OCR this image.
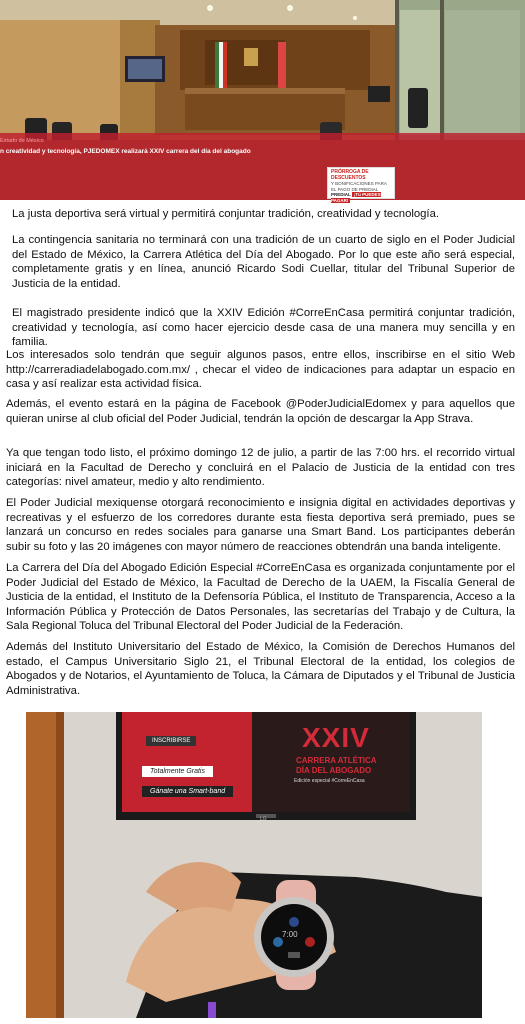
Estado de México
n creatividad y tecnología, PJEDOMEX realizará XXIV carrera del día del abogado
PRÓRROGA DE DESCUENTOS
Y BONIFICACIONES PARA EL PAGO DE PREDIAL
PREDIAL ¡Tú PUEDES PAGAR!
La justa deportiva será virtual y permitirá conjuntar tradición, creatividad y tecnología.
La contingencia sanitaria no terminará con una tradición de un cuarto de siglo en el Poder Judicial del Estado de México, la Carrera Atlética del Día del Abogado. Por lo que este año será especial, completamente gratis y en línea, anunció Ricardo Sodi Cuellar, titular del Tribunal Superior de Justicia de la entidad.
El magistrado presidente indicó que la XXIV Edición #CorreEnCasa permitirá conjuntar tradición, creatividad y tecnología, así como hacer ejercicio desde casa de una manera muy sencilla y en familia.
Los interesados solo tendrán que seguir algunos pasos, entre ellos, inscribirse en el sitio Web http://carreradiadelabogado.com.mx/ , checar el video de indicaciones para adaptar un espacio en casa y así realizar esta actividad física.
Además, el evento estará en la página de Facebook @PoderJudicialEdomex y para aquellos que quieran unirse al club oficial del Poder Judicial, tendrán la opción de descargar la App Strava.
Ya que tengan todo listo, el próximo domingo 12 de julio, a partir de las 7:00 hrs. el recorrido virtual iniciará en la Facultad de Derecho y concluirá en el Palacio de Justicia de la entidad con tres categorías: nivel amateur, medio y alto rendimiento.
El Poder Judicial mexiquense otorgará reconocimiento e insignia digital en actividades deportivas y recreativas y el esfuerzo de los corredores durante esta fiesta deportiva será premiado, pues se lanzará un concurso en redes sociales para ganarse una Smart Band. Los participantes deberán subir su foto y las 20 imágenes con mayor número de reacciones obtendrán una banda inteligente.
La Carrera del Día del Abogado Edición Especial #CorreEnCasa es organizada conjuntamente por el Poder Judicial del Estado de México, la Facultad de Derecho de la UAEM, la Fiscalía General de Justicia de la entidad, el Instituto de la Defensoría Pública, el Instituto de Transparencia, Acceso a la Información Pública y Protección de Datos Personales, las secretarías del Trabajo y de Cultura, la Sala Regional Toluca del Tribunal Electoral del Poder Judicial de la Federación.
Además del Instituto Universitario del Estado de México, la Comisión de Derechos Humanos del estado, el Campus Universitario Siglo 21, el Tribunal Electoral de la entidad, los colegios de Abogados y de Notarios, el Ayuntamiento de Toluca, la Cámara de Diputados y el Tribunal de Justicia Administrativa.
INSCRIBIRSE
Totalmente Gratis
Gánate una Smart-band
XXIV
CARRERA ATLÉTICA
DÍA DEL ABOGADO
Edición especial #CorreEnCasa
LG
7:00
